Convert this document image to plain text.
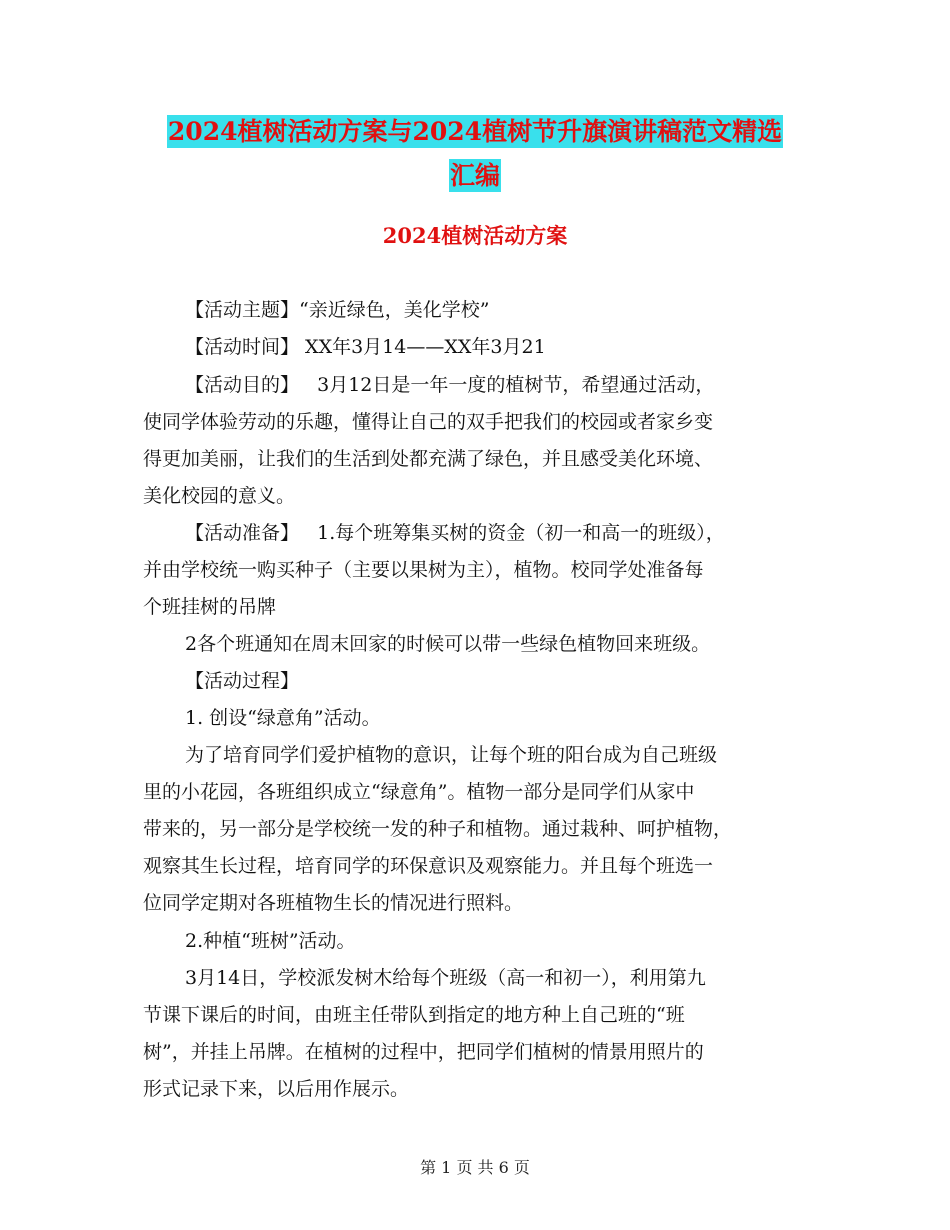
2024植树活动方案与2024植树节升旗演讲稿范文精选
汇编
2024植树活动方案
【活动主题】“亲近绿色，美化学校”
【活动时间】 XX年3月14——XX年3月21
【活动目的】   3月12日是一年一度的植树节，希望通过活动，
使同学体验劳动的乐趣，懂得让自己的双手把我们的校园或者家乡变
得更加美丽，让我们的生活到处都充满了绿色，并且感受美化环境、
美化校园的意义。
【活动准备】   1.每个班筹集买树的资金（初一和高一的班级），
并由学校统一购买种子（主要以果树为主），植物。校同学处准备每
个班挂树的吊牌
2各个班通知在周末回家的时候可以带一些绿色植物回来班级。
【活动过程】
1. 创设“绿意角”活动。
为了培育同学们爱护植物的意识，让每个班的阳台成为自己班级
里的小花园，各班组织成立“绿意角”。植物一部分是同学们从家中
带来的，另一部分是学校统一发的种子和植物。通过栽种、呵护植物，
观察其生长过程，培育同学的环保意识及观察能力。并且每个班选一
位同学定期对各班植物生长的情况进行照料。
2.种植“班树”活动。
3月14日，学校派发树木给每个班级（高一和初一），利用第九
节课下课后的时间，由班主任带队到指定的地方种上自己班的“班
树”，并挂上吊牌。在植树的过程中，把同学们植树的情景用照片的
形式记录下来，以后用作展示。
第 1 页 共 6 页
